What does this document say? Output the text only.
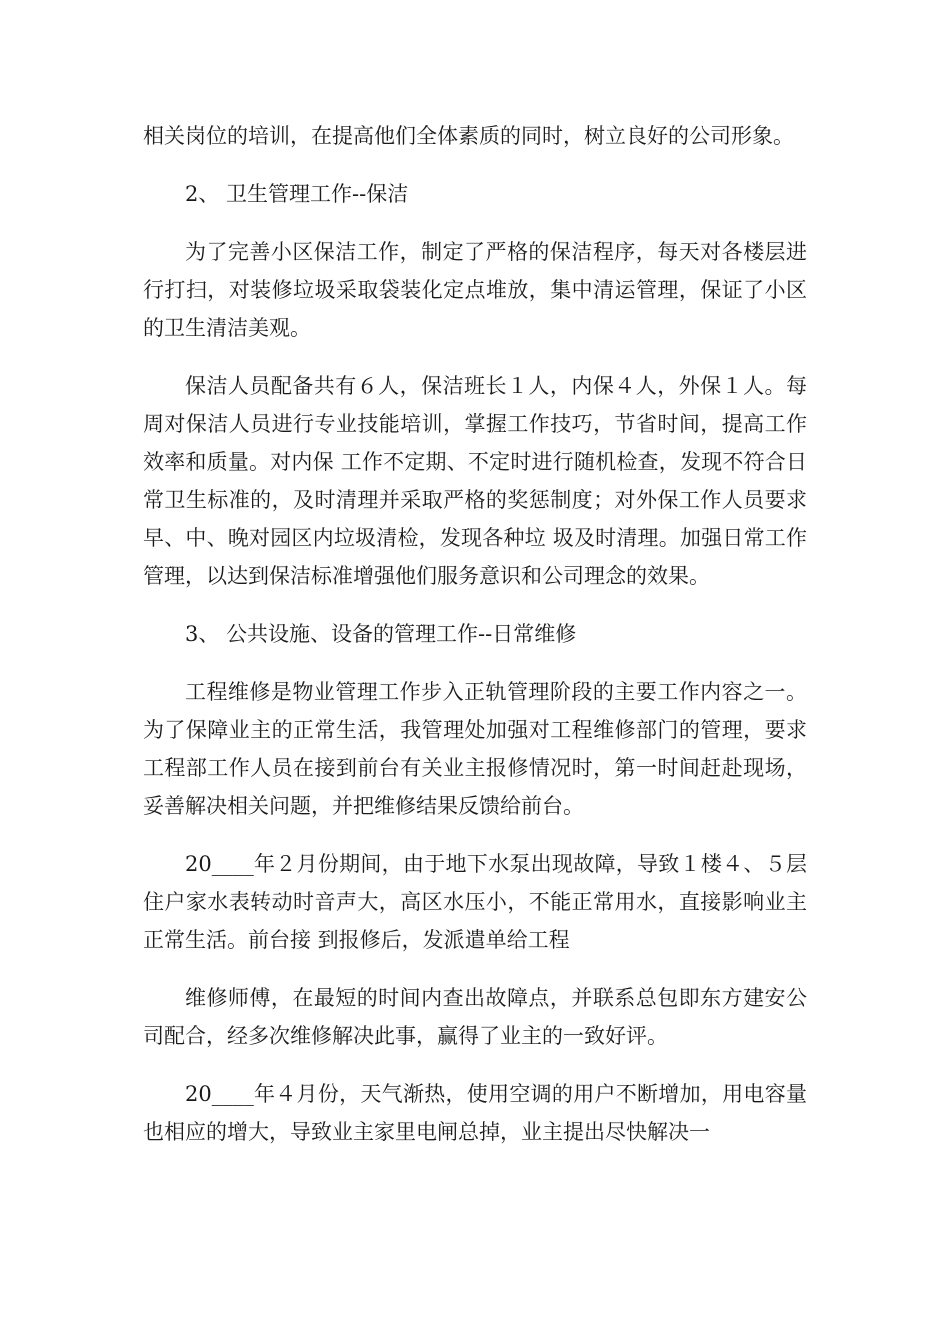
相关岗位的培训，在提高他们全体素质的同时，树立良好的公司形象。

2、 卫生管理工作--保洁

为了完善小区保洁工作，制定了严格的保洁程序，每天对各楼层进行打扫，对装修垃圾采取袋装化定点堆放，集中清运管理，保证了小区的卫生清洁美观。

保洁人员配备共有６人，保洁班长１人，内保４人，外保１人。每周对保洁人员进行专业技能培训，掌握工作技巧，节省时间，提高工作效率和质量。对内保 工作不定期、不定时进行随机检查，发现不符合日常卫生标准的，及时清理并采取严格的奖惩制度；对外保工作人员要求早、中、晚对园区内垃圾清检，发现各种垃 圾及时清理。加强日常工作管理，以达到保洁标准增强他们服务意识和公司理念的效果。

3、 公共设施、设备的管理工作--日常维修

工程维修是物业管理工作步入正轨管理阶段的主要工作内容之一。为了保障业主的正常生活，我管理处加强对工程维修部门的管理，要求工程部工作人员在接到前台有关业主报修情况时，第一时间赶赴现场，妥善解决相关问题，并把维修结果反馈给前台。

20____年２月份期间，由于地下水泵出现故障，导致１楼４、５层住户家水表转动时音声大，高区水压小，不能正常用水，直接影响业主正常生活。前台接 到报修后，发派遣单给工程

维修师傅，在最短的时间内查出故障点，并联系总包即东方建安公司配合，经多次维修解决此事，赢得了业主的一致好评。

20____年４月份，天气渐热，使用空调的用户不断增加，用电容量也相应的增大，导致业主家里电闸总掉，业主提出尽快解决一
